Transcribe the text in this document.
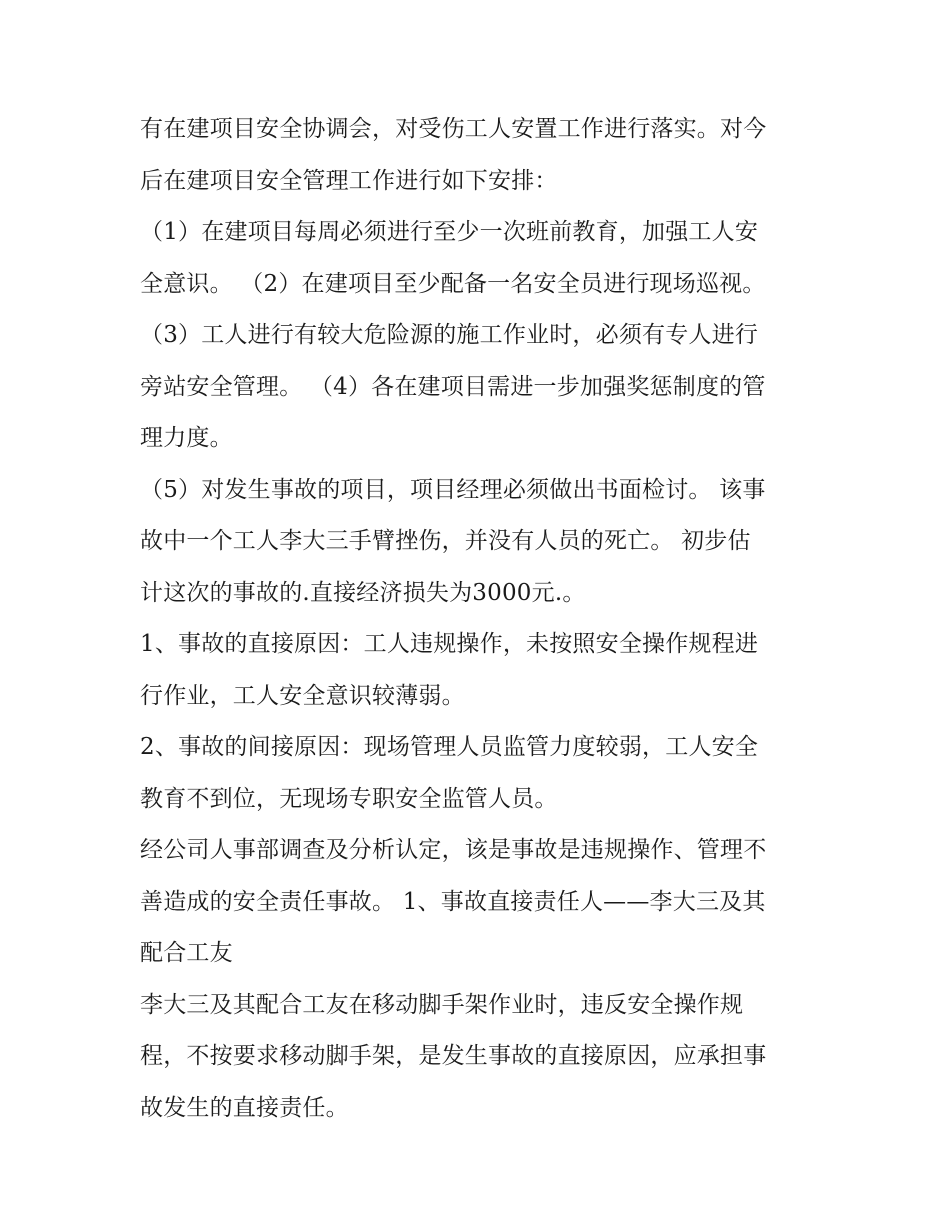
有在建项目安全协调会，对受伤工人安置工作进行落实。对今

后在建项目安全管理工作进行如下安排：

（1）在建项目每周必须进行至少一次班前教育，加强工人安

全意识。 （2）在建项目至少配备一名安全员进行现场巡视。

（3）工人进行有较大危险源的施工作业时，必须有专人进行

旁站安全管理。 （4）各在建项目需进一步加强奖惩制度的管

理力度。

（5）对发生事故的项目，项目经理必须做出书面检讨。 该事

故中一个工人李大三手臂挫伤，并没有人员的死亡。 初步估

计这次的事故的.直接经济损失为3000元.。

1、事故的直接原因：工人违规操作，未按照安全操作规程进

行作业，工人安全意识较薄弱。

2、事故的间接原因：现场管理人员监管力度较弱，工人安全

教育不到位，无现场专职安全监管人员。

经公司人事部调查及分析认定，该是事故是违规操作、管理不

善造成的安全责任事故。 1、事故直接责任人——李大三及其

配合工友

李大三及其配合工友在移动脚手架作业时，违反安全操作规

程，不按要求移动脚手架，是发生事故的直接原因，应承担事

故发生的直接责任。
